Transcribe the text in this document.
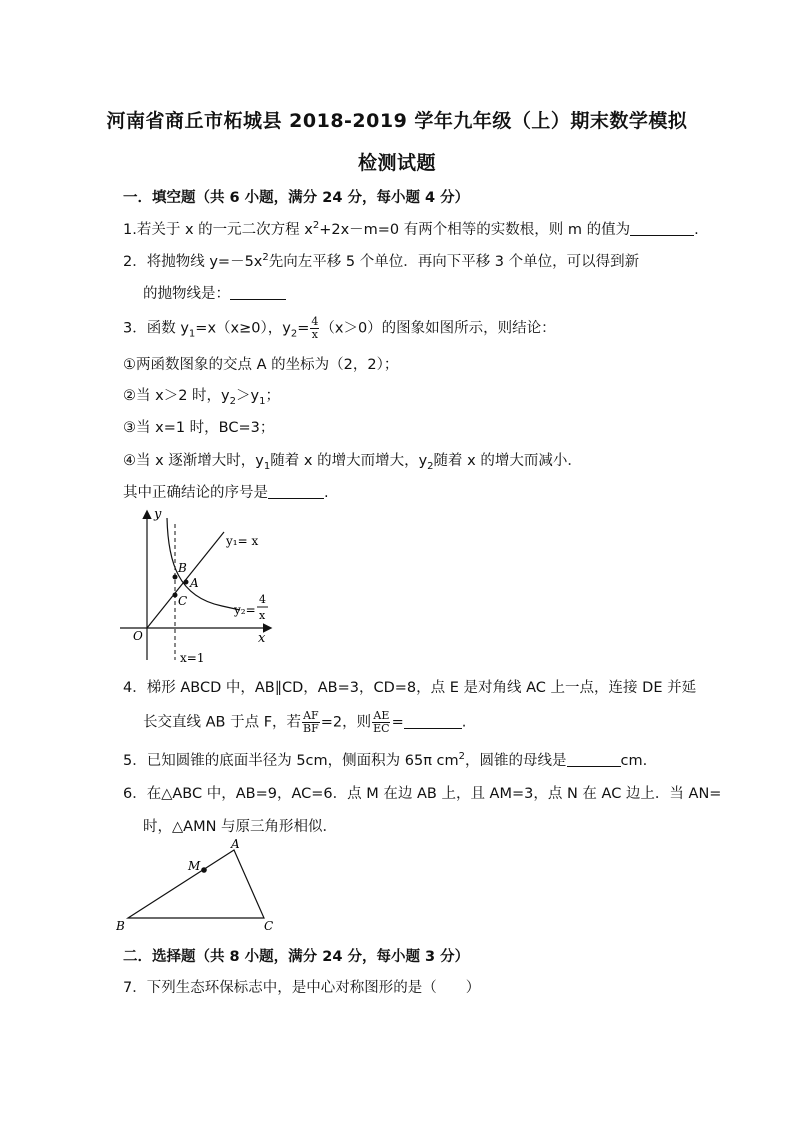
河南省商丘市柘城县 2018-2019 学年九年级（上）期末数学模拟
检测试题
一．填空题（共 6 小题，满分 24 分，每小题 4 分）
1.若关于 x 的一元二次方程 $x^2+2x-m=0$ 有两个相等的实数根，则 m 的值为	.
2．将抛物线 $y=-5x^2$先向左平移 5 个单位．再向下平移 3 个单位，可以得到新
的抛物线是：
3．函数 $y_1=x(x\ge 0)$，$y_2= \frac{4}{x} (x>0)$的图象如图所示，则结论：
①两函数图象的交点 A 的坐标为（2，2）；
②当 x＞2 时，$y_2>y_1$；
③当 x=1 时，BC=3；
④当 x 逐渐增大时，$y_1$随着 x 的增大而增大，$y_2$随着 x 的增大而减小．
其中正确结论的序号是	.
y
x
O
B
A
C
y₁= x
y₂=
4
x
x=1
4．梯形 ABCD 中，AB∥CD，AB=3，CD=8，点 E 是对角线 AC 上一点，连接 DE 并延
长交直线 AB 于点 F，若 $\frac{AF}{BF} =2$，则 $\frac{AE}{EC}$ =	.
5．已知圆锥的底面半径为 5cm，侧面积为 65π $cm^2$，圆锥的母线是	cm.
6．在△ABC 中，AB=9，AC=6．点 M 在边 AB 上，且 AM=3，点 N 在 AC 边上．当 AN=
时，△AMN 与原三角形相似．
A
B	C
M
二．选择题（共 8 小题，满分 24 分，每小题 3 分）
7．下列生态环保标志中，是中心对称图形的是（　　）
